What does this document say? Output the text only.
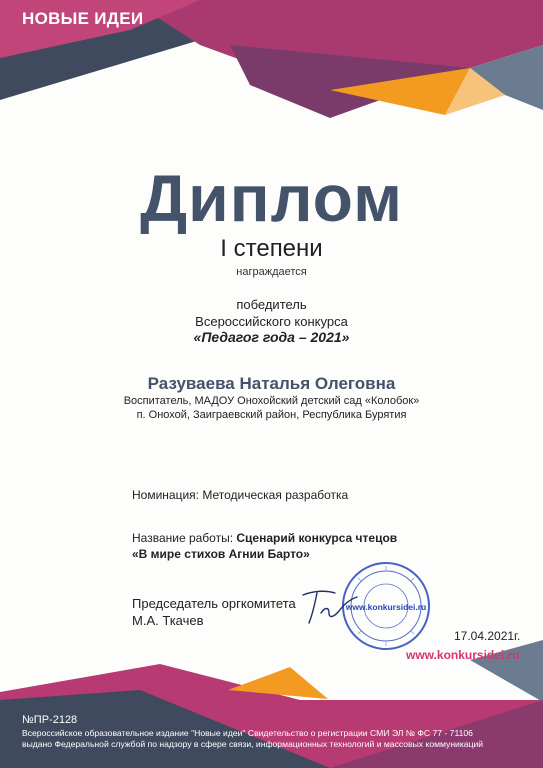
НОВЫЕ ИДЕИ
Диплом
I степени
награждается
победитель
Всероссийского конкурса
«Педагог года – 2021»
Разуваева Наталья Олеговна
Воспитатель, МАДОУ Онохойский детский сад «Колобок»
п. Онохой, Заиграевский район, Республика Бурятия
Номинация: Методическая разработка
Название работы: Сценарий конкурса чтецов
«В мире стихов Агнии Барто»
Председатель оргкомитета
М.А. Ткачев
www.konkursidei.ru
17.04.2021г.
www.konkursidei.ru
№ПР-2128
Всероссийское образовательное издание "Новые идеи" Свидетельство о регистрации СМИ ЭЛ № ФС 77 - 71106
выдано Федеральной службой по надзору в сфере связи, информационных технологий и массовых коммуникаций
